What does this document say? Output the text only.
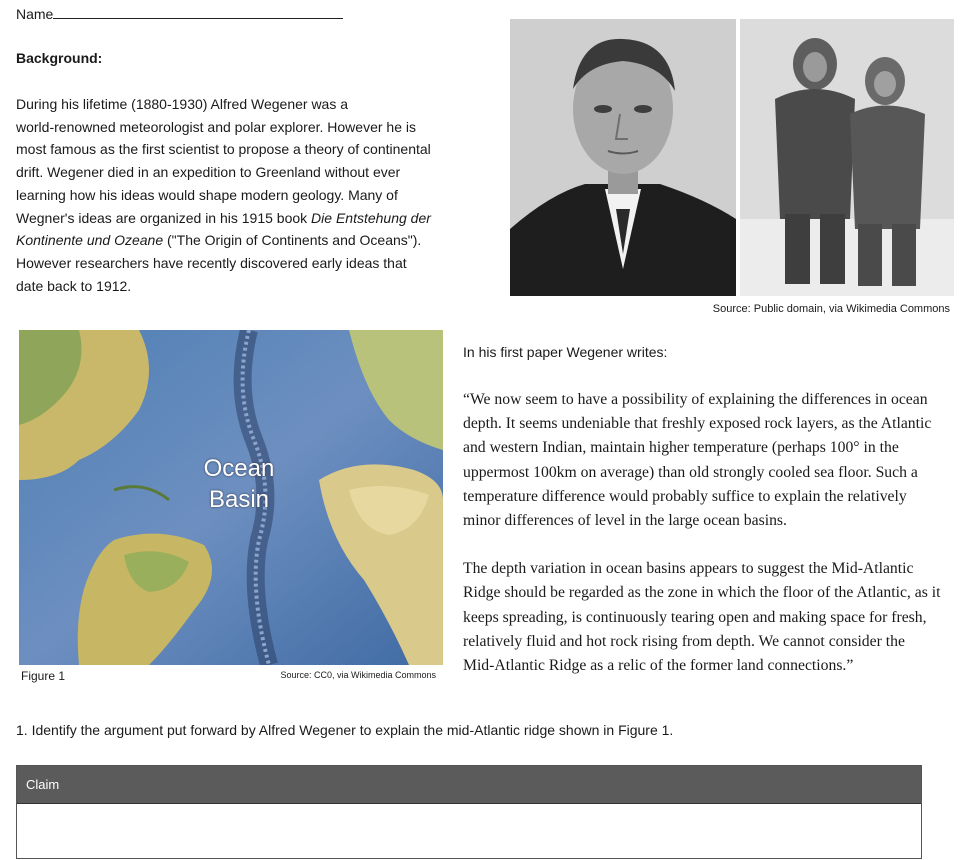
Name
Background:
During his lifetime (1880-1930) Alfred Wegener was a
world-renowned meteorologist and polar explorer. However he is
most famous as the first scientist to propose a theory of continental
drift. Wegener died in an expedition to Greenland without ever
learning how his ideas would shape modern geology. Many of
Wegner's ideas are organized in his 1915 book Die Entstehung der
Kontinente und Ozeane ("The Origin of Continents and Oceans").
However researchers have recently discovered early ideas that
date back to 1912.
Source: Public domain, via Wikimedia Commons
Ocean
Basin
Figure 1	Source: CC0, via Wikimedia Commons
In his first paper Wegener writes:

“We now seem to have a possibility of explaining the differences in ocean
depth. It seems undeniable that freshly exposed rock layers, as the Atlantic
and western Indian, maintain higher temperature (perhaps 100° in the
uppermost 100km on average) than old strongly cooled sea floor. Such a
temperature difference would probably suffice to explain the relatively
minor differences of level in the large ocean basins.

The depth variation in ocean basins appears to suggest the Mid-Atlantic
Ridge should be regarded as the zone in which the floor of the Atlantic, as it
keeps spreading, is continuously tearing open and making space for fresh,
relatively fluid and hot rock rising from depth. We cannot consider the
Mid-Atlantic Ridge as a relic of the former land connections.”

1. Identify the argument put forward by Alfred Wegener to explain the mid-Atlantic ridge shown in Figure 1.
Claim
